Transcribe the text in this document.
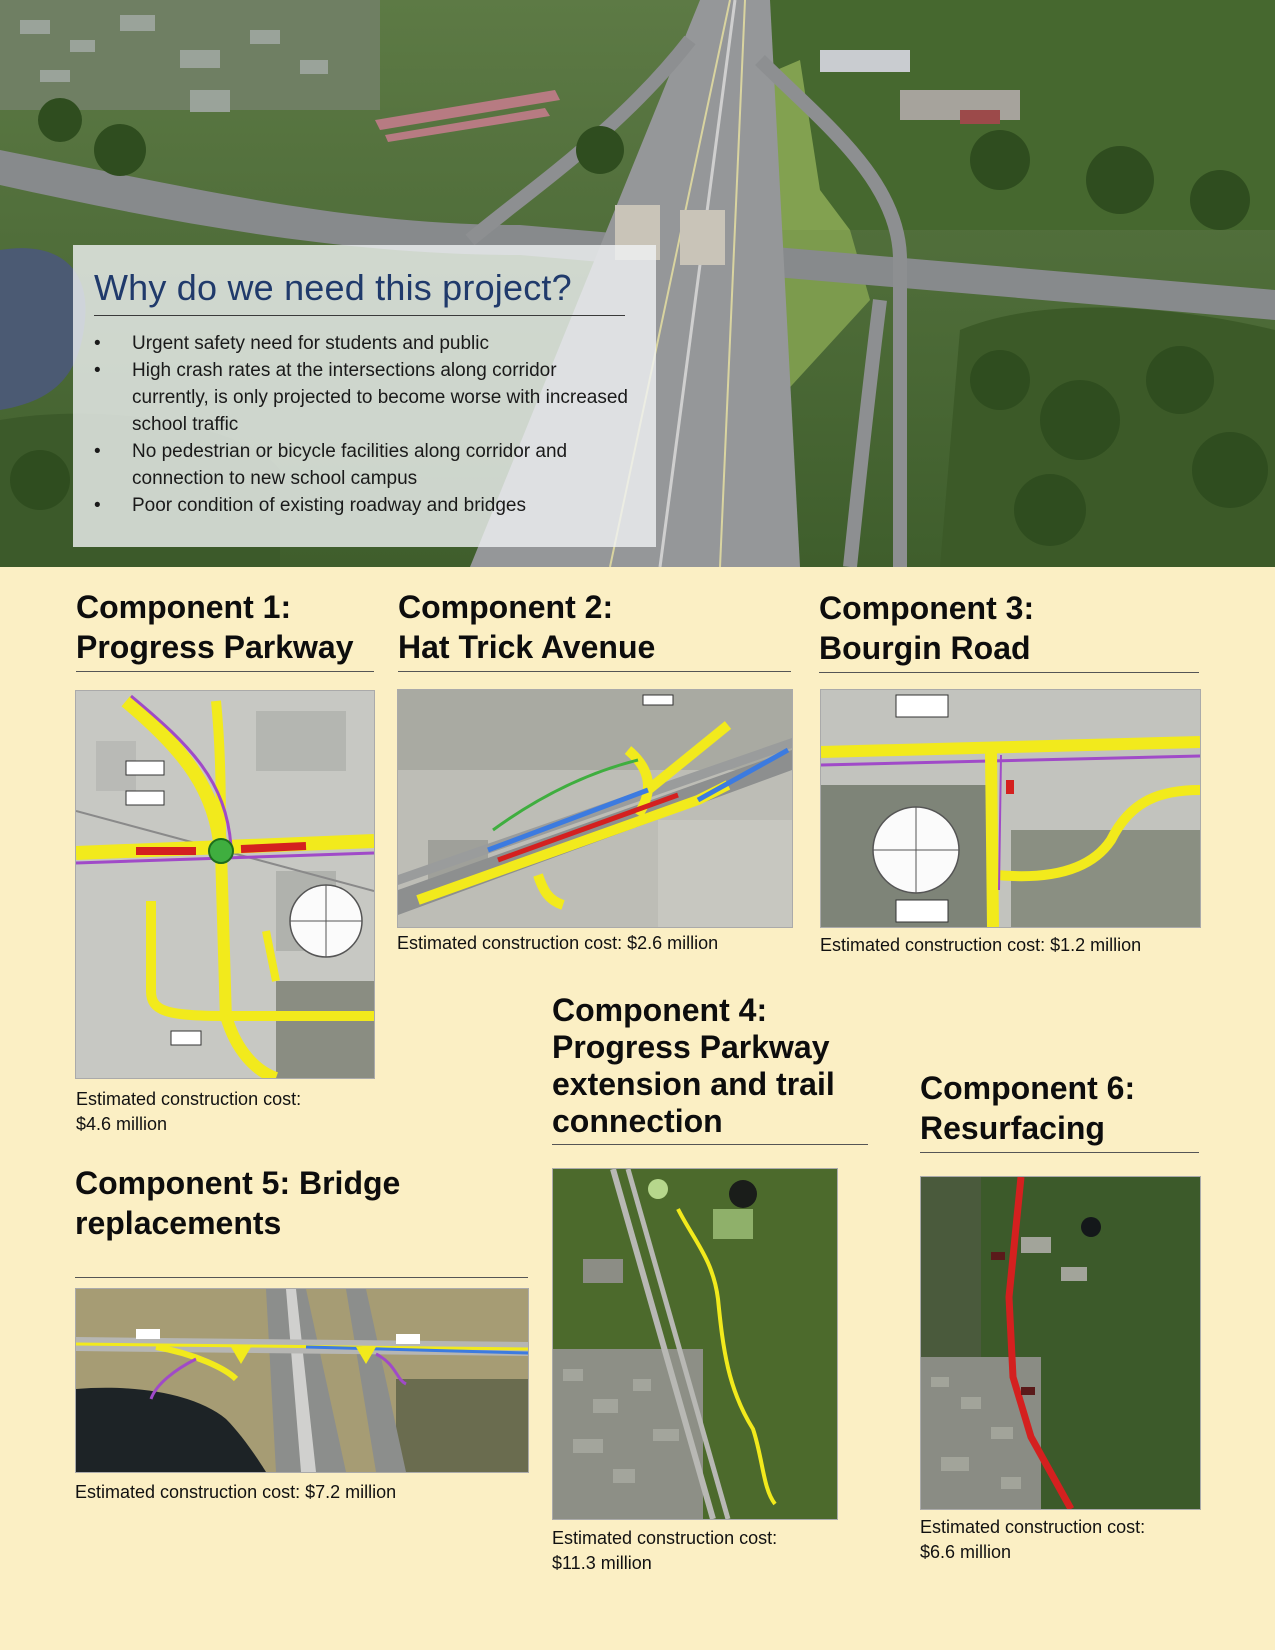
Why do we need this project?
•	Urgent safety need for students and public
•	High crash rates at the intersections along corridor currently, is only projected to become worse with increased school traffic
•	No pedestrian or bicycle facilities along corridor and connection to new school campus
•	Poor condition of existing roadway and bridges
Component 1:
Progress Parkway
Estimated construction cost:
$4.6 million
Component 2:
Hat Trick Avenue
Estimated construction cost: $2.6 million
Component 3:
Bourgin Road
Estimated construction cost: $1.2 million
Component 4:
Progress Parkway
extension and trail
connection
Estimated construction cost:
$11.3 million
Component 5: Bridge
replacements
Estimated construction cost: $7.2 million
Component 6:
Resurfacing
Estimated construction cost:
$6.6 million
